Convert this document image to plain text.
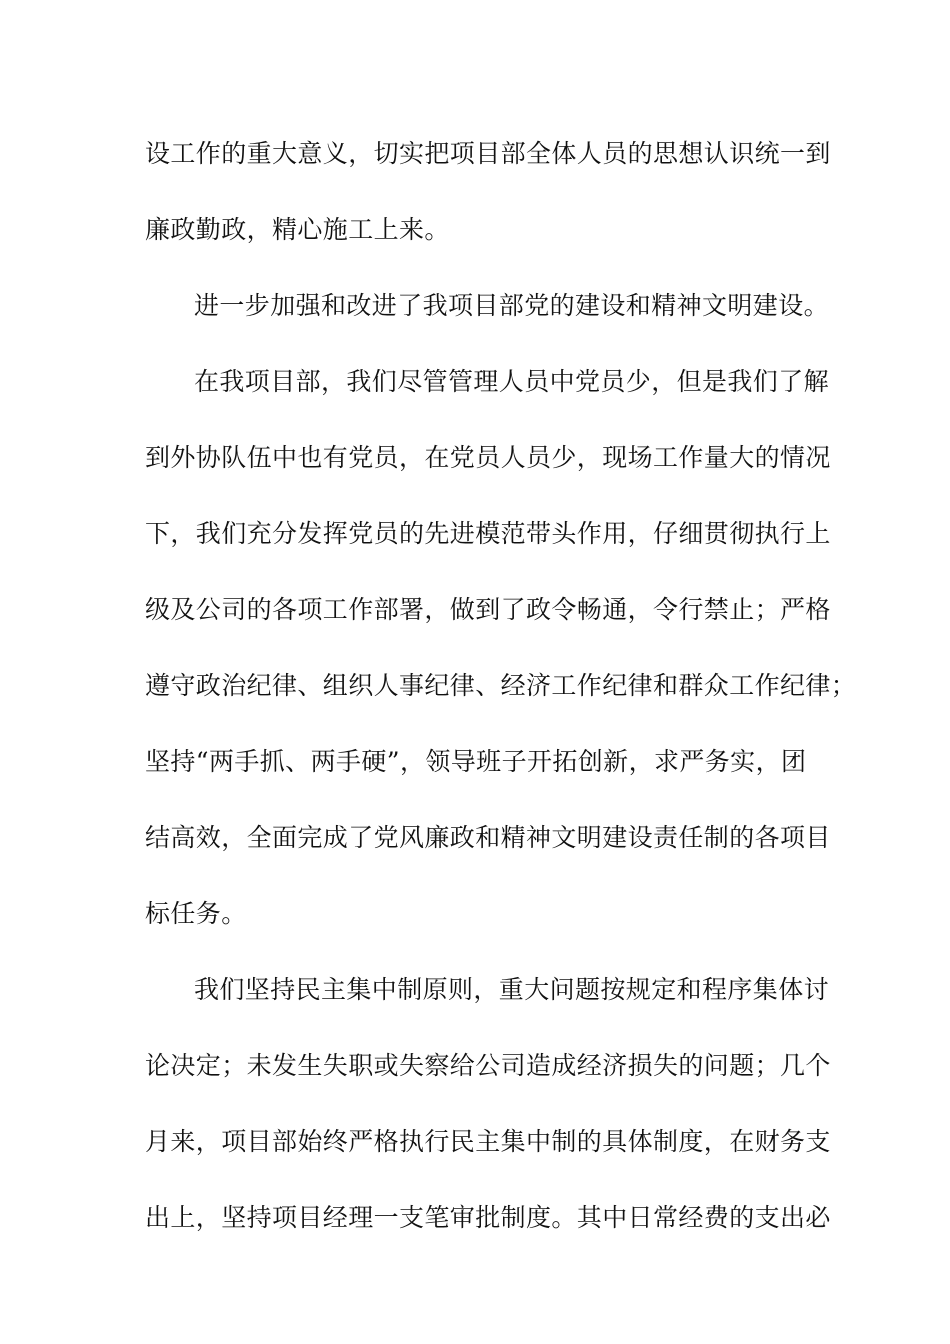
设工作的重大意义，切实把项目部全体人员的思想认识统一到

廉政勤政，精心施工上来。

进一步加强和改进了我项目部党的建设和精神文明建设。

在我项目部，我们尽管管理人员中党员少，但是我们了解

到外协队伍中也有党员，在党员人员少，现场工作量大的情况

下，我们充分发挥党员的先进模范带头作用，仔细贯彻执行上

级及公司的各项工作部署，做到了政令畅通，令行禁止；严格

遵守政治纪律、组织人事纪律、经济工作纪律和群众工作纪律；

坚持“两手抓、两手硬”，领导班子开拓创新，求严务实，团

结高效，全面完成了党风廉政和精神文明建设责任制的各项目

标任务。

我们坚持民主集中制原则，重大问题按规定和程序集体讨

论决定；未发生失职或失察给公司造成经济损失的问题；几个

月来，项目部始终严格执行民主集中制的具体制度，在财务支

出上，坚持项目经理一支笔审批制度。其中日常经费的支出必
